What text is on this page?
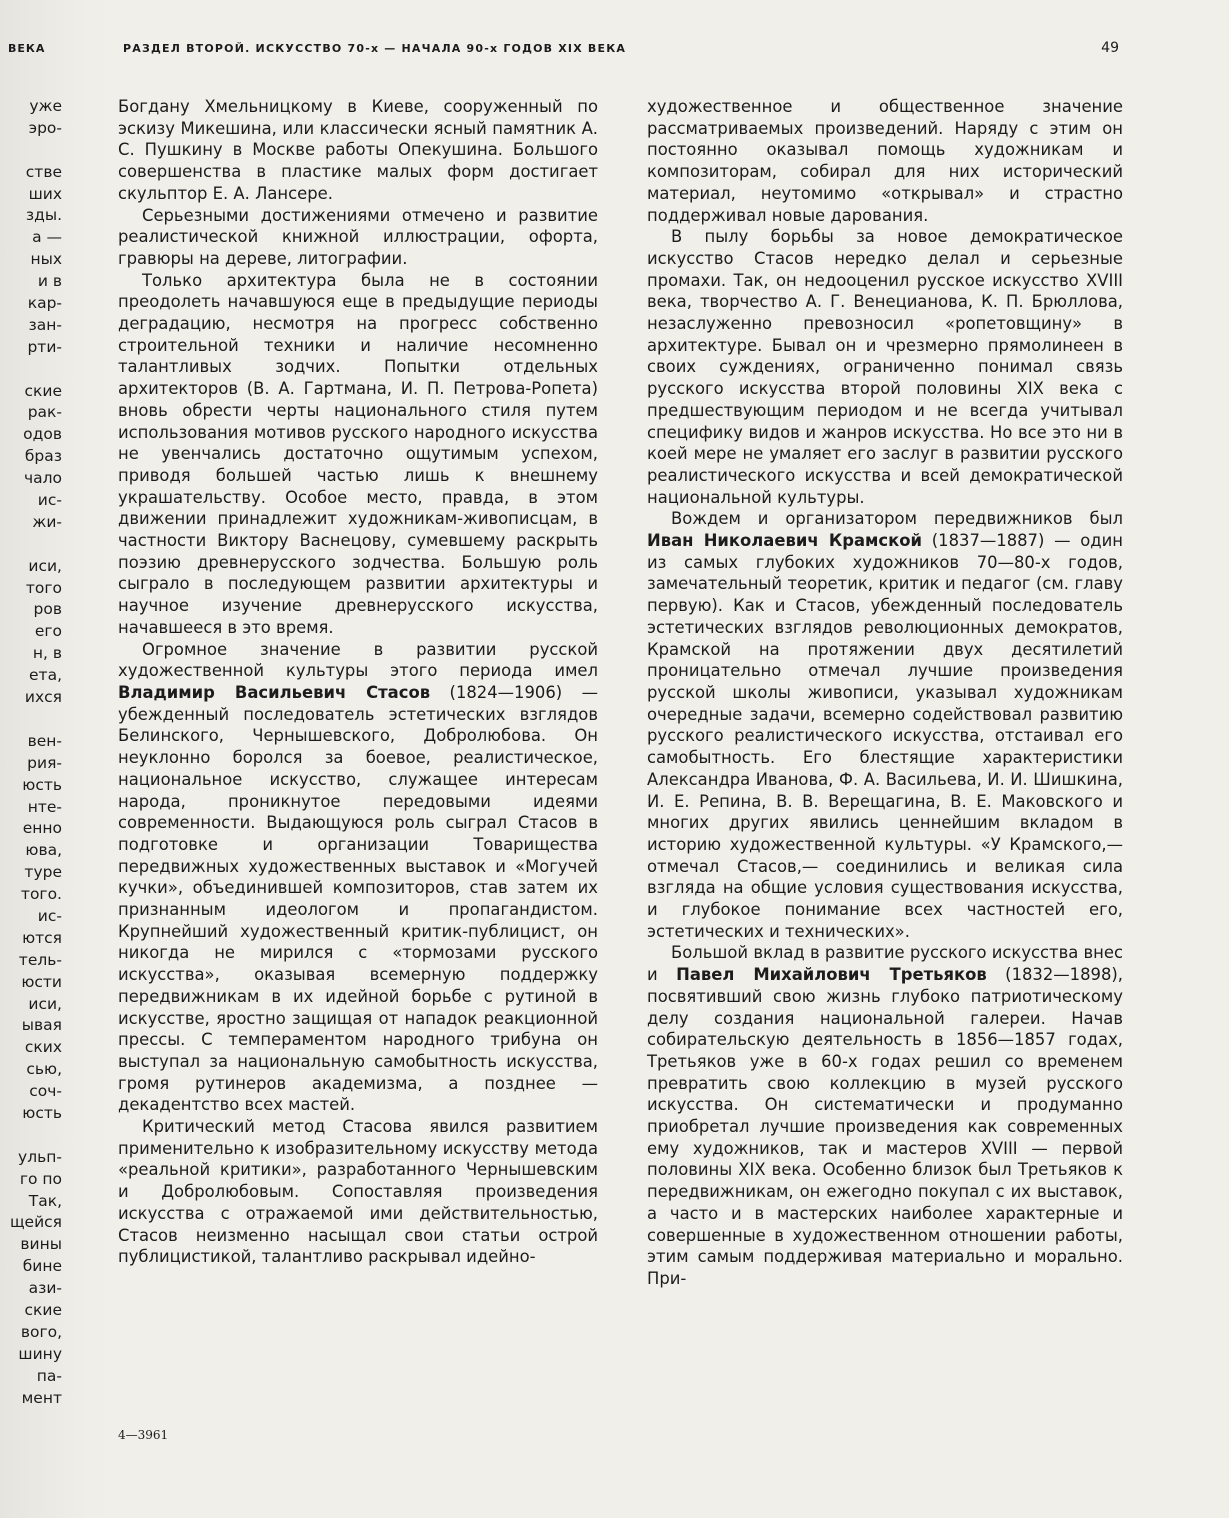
ВЕКА	РАЗДЕЛ ВТОРОЙ. ИСКУССТВО 70-х — НАЧАЛА 90-х ГОДОВ XIX ВЕКА	49
уже
эро-
стве
ших
зды.
а —
ных
и в
кар-
зан-
рти-
ские
рак-
одов
браз
чало
ис-
жи-
иси,
того
ров
его
н, в
ета,
ихся
вен-
рия-
юсть
нте-
енно
юва,
туре
того.
ис-
ются
тель-
юсти
иси,
ывая
ских
сью,
соч-
юсть
ульп-
го по
Так,
щейся
вины
бине
ази-
ские
вого,
шину
па-
мент

Богдану Хмельницкому в Киеве, сооруженный по эскизу Микешина, или классически ясный памятник А. С. Пушкину в Москве работы Опекушина. Большого совершенства в пластике малых форм достигает скульптор Е. А. Лансере.

Серьезными достижениями отмечено и развитие реалистической книжной иллюстрации, офорта, гравюры на дереве, литографии.

Только архитектура была не в состоянии преодолеть начавшуюся еще в предыдущие периоды деградацию, несмотря на прогресс собственно строительной техники и наличие несомненно талантливых зодчих. Попытки отдельных архитекторов (В. А. Гартмана, И. П. Петрова-Ропета) вновь обрести черты национального стиля путем использования мотивов русского народного искусства не увенчались достаточно ощутимым успехом, приводя большей частью лишь к внешнему украшательству. Особое место, правда, в этом движении принадлежит художникам-живописцам, в частности Виктору Васнецову, сумевшему раскрыть поэзию древнерусского зодчества. Большую роль сыграло в последующем развитии архитектуры и научное изучение древнерусского искусства, начавшееся в это время.

Огромное значение в развитии русской художественной культуры этого периода имел Владимир Васильевич Стасов (1824—1906) — убежденный последователь эстетических взглядов Белинского, Чернышевского, Добролюбова. Он неуклонно боролся за боевое, реалистическое, национальное искусство, служащее интересам народа, проникнутое передовыми идеями современности. Выдающуюся роль сыграл Стасов в подготовке и организации Товарищества передвижных художественных выставок и «Могучей кучки», объединившей композиторов, став затем их признанным идеологом и пропагандистом. Крупнейший художественный критик-публицист, он никогда не мирился с «тормозами русского искусства», оказывая всемерную поддержку передвижникам в их идейной борьбе с рутиной в искусстве, яростно защищая от нападок реакционной прессы. С темпераментом народного трибуна он выступал за национальную самобытность искусства, громя рутинеров академизма, а позднее — декадентство всех мастей.

Критический метод Стасова явился развитием применительно к изобразительному искусству метода «реальной критики», разработанного Чернышевским и Добролюбовым. Сопоставляя произведения искусства с отражаемой ими действительностью, Стасов неизменно насыщал свои статьи острой публицистикой, талантливо раскрывал идейно-

художественное и общественное значение рассматриваемых произведений. Наряду с этим он постоянно оказывал помощь художникам и композиторам, собирал для них исторический материал, неутомимо «открывал» и страстно поддерживал новые дарования.

В пылу борьбы за новое демократическое искусство Стасов нередко делал и серьезные промахи. Так, он недооценил русское искусство XVIII века, творчество А. Г. Венецианова, К. П. Брюллова, незаслуженно превозносил «ропетовщину» в архитектуре. Бывал он и чрезмерно прямолинеен в своих суждениях, ограниченно понимал связь русского искусства второй половины XIX века с предшествующим периодом и не всегда учитывал специфику видов и жанров искусства. Но все это ни в коей мере не умаляет его заслуг в развитии русского реалистического искусства и всей демократической национальной культуры.

Вождем и организатором передвижников был Иван Николаевич Крамской (1837—1887) — один из самых глубоких художников 70—80-х годов, замечательный теоретик, критик и педагог (см. главу первую). Как и Стасов, убежденный последователь эстетических взглядов революционных демократов, Крамской на протяжении двух десятилетий проницательно отмечал лучшие произведения русской школы живописи, указывал художникам очередные задачи, всемерно содействовал развитию русского реалистического искусства, отстаивал его самобытность. Его блестящие характеристики Александра Иванова, Ф. А. Васильева, И. И. Шишкина, И. Е. Репина, В. В. Верещагина, В. Е. Маковского и многих других явились ценнейшим вкладом в историю художественной культуры. «У Крамского,— отмечал Стасов,— соединились и великая сила взгляда на общие условия существования искусства, и глубокое понимание всех частностей его, эстетических и технических».

Большой вклад в развитие русского искусства внес и Павел Михайлович Третьяков (1832—1898), посвятивший свою жизнь глубоко патриотическому делу создания национальной галереи. Начав собирательскую деятельность в 1856—1857 годах, Третьяков уже в 60-х годах решил со временем превратить свою коллекцию в музей русского искусства. Он систематически и продуманно приобретал лучшие произведения как современных ему художников, так и мастеров XVIII — первой половины XIX века. Особенно близок был Третьяков к передвижникам, он ежегодно покупал с их выставок, а часто и в мастерских наиболее характерные и совершенные в художественном отношении работы, этим самым поддерживая материально и морально. При-

4—3961
